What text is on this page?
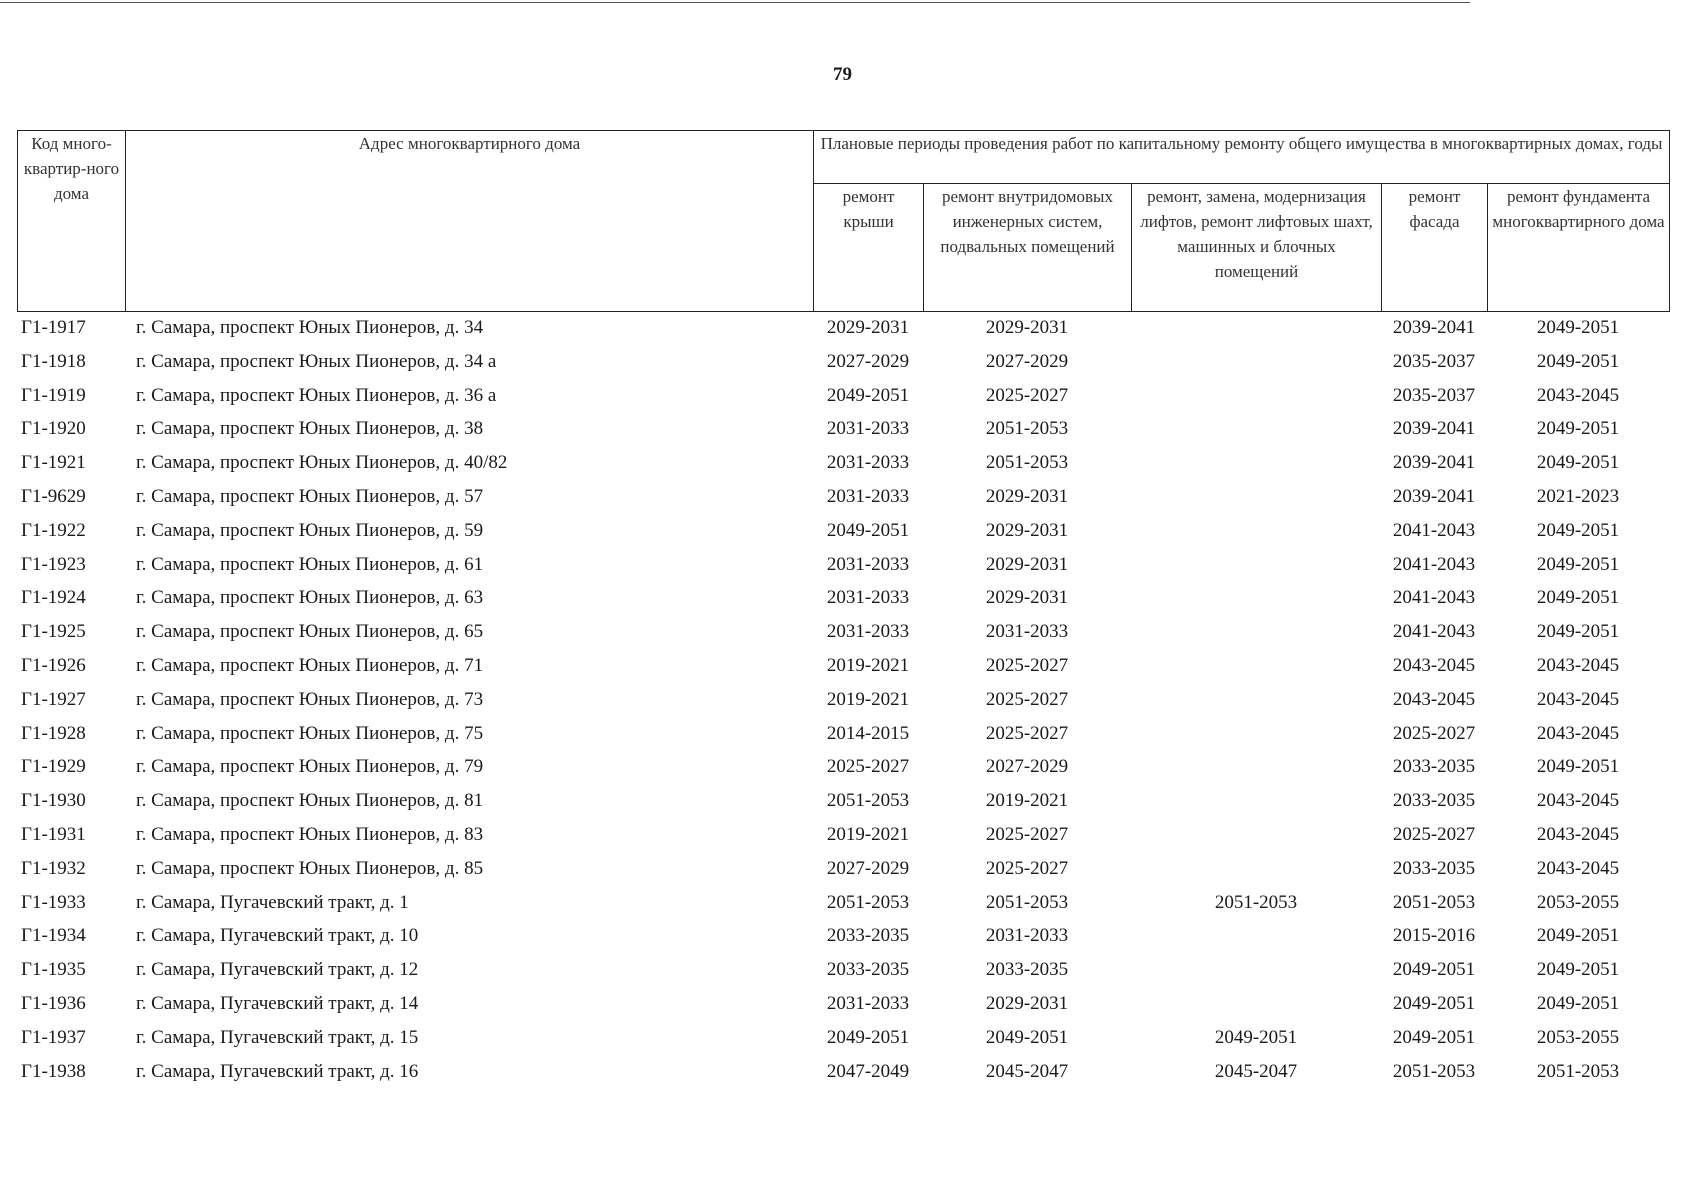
79
Код много-квартир-ного дома	Адрес многоквартирного дома	Плановые периоды проведения работ по капитальному ремонту общего имущества в многоквартирных домах, годы				
		ремонт крыши	ремонт внутридомовых инженерных систем, подвальных помещений	ремонт, замена, модернизация лифтов, ремонт лифтовых шахт, машинных и блочных помещений	ремонт фасада	ремонт фундамента многоквартирного дома
Г1-1917	г. Самара, проспект Юных Пионеров, д. 34	2029-2031	2029-2031		2039-2041	2049-2051
Г1-1918	г. Самара, проспект Юных Пионеров, д. 34 а	2027-2029	2027-2029		2035-2037	2049-2051
Г1-1919	г. Самара, проспект Юных Пионеров, д. 36 а	2049-2051	2025-2027		2035-2037	2043-2045
Г1-1920	г. Самара, проспект Юных Пионеров, д. 38	2031-2033	2051-2053		2039-2041	2049-2051
Г1-1921	г. Самара, проспект Юных Пионеров, д. 40/82	2031-2033	2051-2053		2039-2041	2049-2051
Г1-9629	г. Самара, проспект Юных Пионеров, д. 57	2031-2033	2029-2031		2039-2041	2021-2023
Г1-1922	г. Самара, проспект Юных Пионеров, д. 59	2049-2051	2029-2031		2041-2043	2049-2051
Г1-1923	г. Самара, проспект Юных Пионеров, д. 61	2031-2033	2029-2031		2041-2043	2049-2051
Г1-1924	г. Самара, проспект Юных Пионеров, д. 63	2031-2033	2029-2031		2041-2043	2049-2051
Г1-1925	г. Самара, проспект Юных Пионеров, д. 65	2031-2033	2031-2033		2041-2043	2049-2051
Г1-1926	г. Самара, проспект Юных Пионеров, д. 71	2019-2021	2025-2027		2043-2045	2043-2045
Г1-1927	г. Самара, проспект Юных Пионеров, д. 73	2019-2021	2025-2027		2043-2045	2043-2045
Г1-1928	г. Самара, проспект Юных Пионеров, д. 75	2014-2015	2025-2027		2025-2027	2043-2045
Г1-1929	г. Самара, проспект Юных Пионеров, д. 79	2025-2027	2027-2029		2033-2035	2049-2051
Г1-1930	г. Самара, проспект Юных Пионеров, д. 81	2051-2053	2019-2021		2033-2035	2043-2045
Г1-1931	г. Самара, проспект Юных Пионеров, д. 83	2019-2021	2025-2027		2025-2027	2043-2045
Г1-1932	г. Самара, проспект Юных Пионеров, д. 85	2027-2029	2025-2027		2033-2035	2043-2045
Г1-1933	г. Самара, Пугачевский тракт, д. 1	2051-2053	2051-2053	2051-2053	2051-2053	2053-2055
Г1-1934	г. Самара, Пугачевский тракт, д. 10	2033-2035	2031-2033		2015-2016	2049-2051
Г1-1935	г. Самара, Пугачевский тракт, д. 12	2033-2035	2033-2035		2049-2051	2049-2051
Г1-1936	г. Самара, Пугачевский тракт, д. 14	2031-2033	2029-2031		2049-2051	2049-2051
Г1-1937	г. Самара, Пугачевский тракт, д. 15	2049-2051	2049-2051	2049-2051	2049-2051	2053-2055
Г1-1938	г. Самара, Пугачевский тракт, д. 16	2047-2049	2045-2047	2045-2047	2051-2053	2051-2053
